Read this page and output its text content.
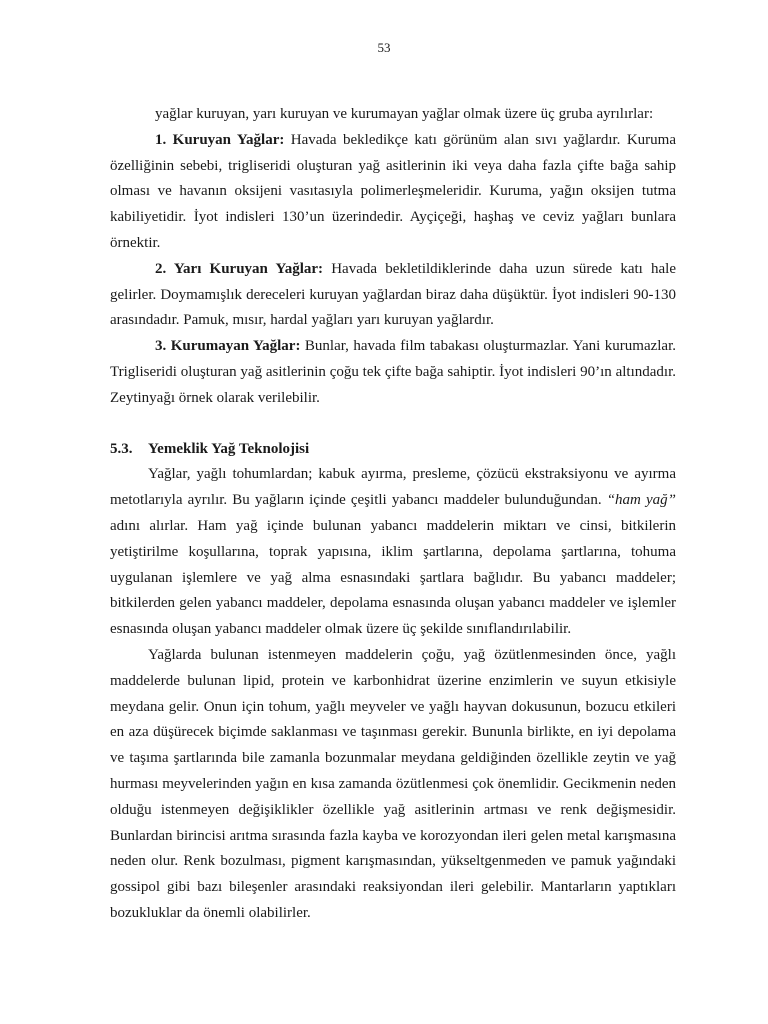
53

yağlar kuruyan, yarı kuruyan ve kurumayan yağlar olmak üzere üç gruba ayrılırlar:

1. Kuruyan Yağlar: Havada bekledikçe katı görünüm alan sıvı yağlardır. Kuruma özelliğinin sebebi, trigliseridi oluşturan yağ asitlerinin iki veya daha fazla çifte bağa sahip olması ve havanın oksijeni vasıtasıyla polimerleşmeleridir. Kuruma, yağın oksijen tutma kabiliyetidir. İyot indisleri 130’un üzerindedir. Ayçiçeği, haşhaş ve ceviz yağları bunlara örnektir.

2. Yarı Kuruyan Yağlar: Havada bekletildiklerinde daha uzun sürede katı hale gelirler. Doymamışlık dereceleri kuruyan yağlardan biraz daha düşüktür. İyot indisleri 90-130 arasındadır. Pamuk, mısır, hardal yağları yarı kuruyan yağlardır.

3. Kurumayan Yağlar: Bunlar, havada film tabakası oluşturmazlar. Yani kurumazlar. Trigliseridi oluşturan yağ asitlerinin çoğu tek çifte bağa sahiptir. İyot indisleri 90’ın altındadır. Zeytinyağı örnek olarak verilebilir.

5.3. Yemeklik Yağ Teknolojisi

Yağlar, yağlı tohumlardan; kabuk ayırma, presleme, çözücü ekstraksiyonu ve ayırma metotlarıyla ayrılır. Bu yağların içinde çeşitli yabancı maddeler bulunduğundan. “ham yağ” adını alırlar. Ham yağ içinde bulunan yabancı maddelerin miktarı ve cinsi, bitkilerin yetiştirilme koşullarına, toprak yapısına, iklim şartlarına, depolama şartlarına, tohuma uygulanan işlemlere ve yağ alma esnasındaki şartlara bağlıdır. Bu yabancı maddeler; bitkilerden gelen yabancı maddeler, depolama esnasında oluşan yabancı maddeler ve işlemler esnasında oluşan yabancı maddeler olmak üzere üç şekilde sınıflandırılabilir.

Yağlarda bulunan istenmeyen maddelerin çoğu, yağ özütlenmesinden önce, yağlı maddelerde bulunan lipid, protein ve karbonhidrat üzerine enzimlerin ve suyun etkisiyle meydana gelir. Onun için tohum, yağlı meyveler ve yağlı hayvan dokusunun, bozucu etkileri en aza düşürecek biçimde saklanması ve taşınması gerekir. Bununla birlikte, en iyi depolama ve taşıma şartlarında bile zamanla bozunmalar meydana geldiğinden özellikle zeytin ve yağ hurması meyvelerinden yağın en kısa zamanda özütlenmesi çok önemlidir. Gecikmenin neden olduğu istenmeyen değişiklikler özellikle yağ asitlerinin artması ve renk değişmesidir. Bunlardan birincisi arıtma sırasında fazla kayba ve korozyondan ileri gelen metal karışmasına neden olur. Renk bozulması, pigment karışmasından, yükseltgenmeden ve pamuk yağındaki gossipol gibi bazı bileşenler arasındaki reaksiyondan ileri gelebilir. Mantarların yaptıkları bozukluklar da önemli olabilirler.
